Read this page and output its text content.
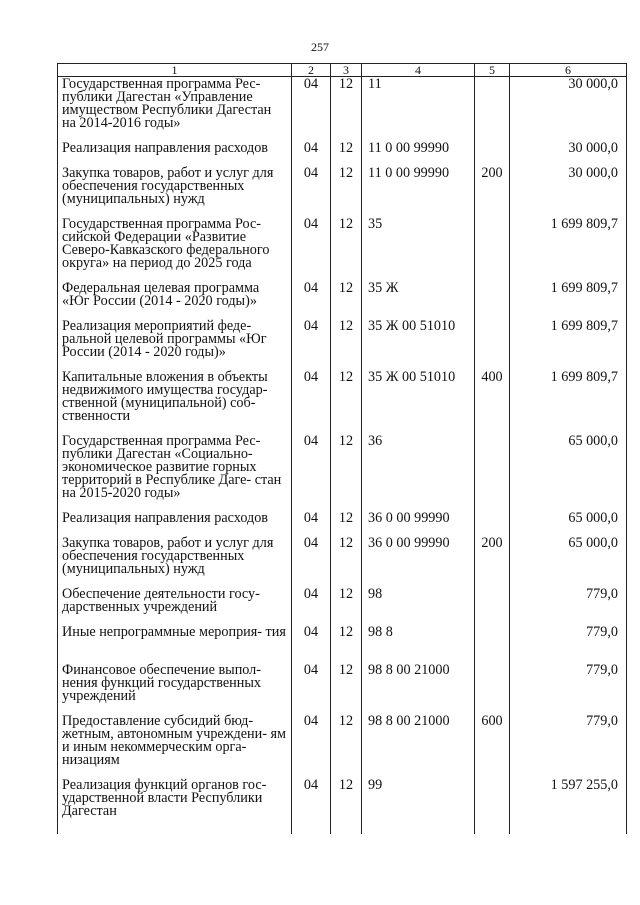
257
1	2	3	4	5	6

Государственная программа Рес- публики Дагестан «Управление имуществом Республики Дагестан на 2014-2016 годы»	04	12	11		30 000,0

Реализация направления расходов	04	12	11 0 00 99990		30 000,0

Закупка товаров, работ и услуг для обеспечения государственных (муниципальных) нужд	04	12	11 0 00 99990	200	30 000,0

Государственная программа Рос- сийской Федерации «Развитие Северо-Кавказского федерального округа» на период до 2025 года	04	12	35		1 699 809,7

Федеральная целевая программа «Юг России (2014 - 2020 годы)»	04	12	35 Ж		1 699 809,7

Реализация мероприятий феде- ральной целевой программы «Юг России (2014 - 2020 годы)»	04	12	35 Ж 00 51010		1 699 809,7

Капитальные вложения в объекты недвижимого имущества государ- ственной (муниципальной) соб- ственности	04	12	35 Ж 00 51010	400	1 699 809,7

Государственная программа Рес- публики Дагестан «Социально- экономическое развитие горных территорий в Республике Даге- стан на 2015-2020 годы»	04	12	36		65 000,0

Реализация направления расходов	04	12	36 0 00 99990		65 000,0

Закупка товаров, работ и услуг для обеспечения государственных (муниципальных) нужд	04	12	36 0 00 99990	200	65 000,0

Обеспечение деятельности госу- дарственных учреждений	04	12	98		779,0

Иные непрограммные мероприя- тия	04	12	98 8		779,0

Финансовое обеспечение выпол- нения функций государственных учреждений	04	12	98 8 00 21000		779,0

Предоставление субсидий бюд- жетным, автономным учреждени- ям и иным некоммерческим орга- низациям	04	12	98 8 00 21000	600	779,0

Реализация функций органов гос- ударственной власти Республики Дагестан	04	12	99		1 597 255,0
